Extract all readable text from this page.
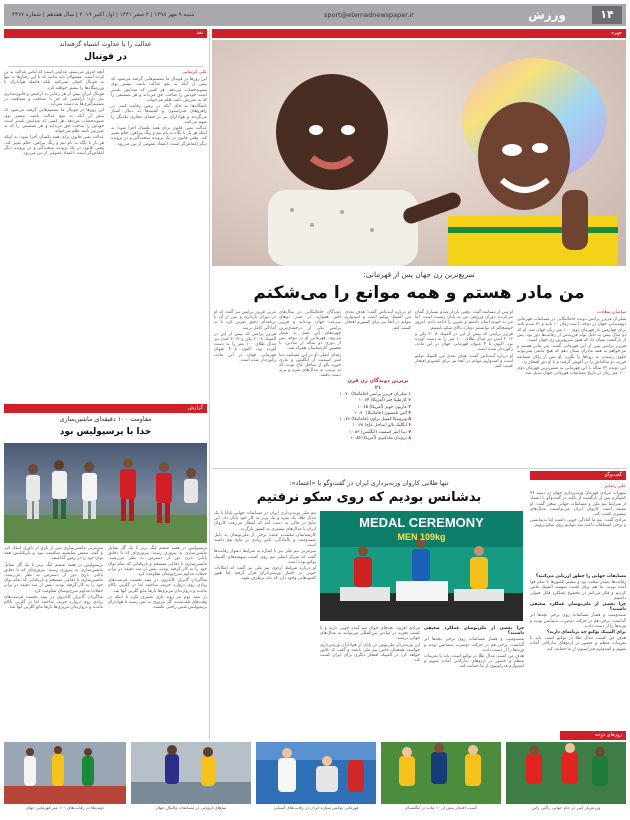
۱۴
ورزش
sport@etemadnewspaper.ir
شنبه ۹ مهر ۱۳۹۸ | ۲ صفر ۱۴۴۱ | اول اکتبر ۲۰۱۹ | سال هفدهم | شماره ۴۴۷۷
نقد
عدالت را با عداوت اشتباه گرفته‌اند
در فوتبال
علی کریمایی

این روزها در فوتبال ما تصمیم‌هایی گرفته می‌شود که پیش از آنکه به نفع عدالت باشد، بیشتر بوی تسویه‌حساب می‌دهد. هر کسی که صدایش بلندتر است خودش را صاحب حق می‌داند و هر تصمیمی را که به ضررش باشد ظلم می‌خواند.

باشگاه‌ها به جای آنکه در زمین رقابت کنند، در راهروهای فدراسیون و کمیته‌ها به دنبال امتیاز می‌گردند و هواداران نیز در فضای مجازی یکدیگر را متهم می‌کنند.

عدالت یعنی قانون برای همه یکسان اجرا شود؛ نه اینکه هر بار با نگاه به نام تیم و رنگ پیراهن، حکم تغییر کند. وقتی قانون در یک پرونده سخت‌گیر و در پرونده دیگر اغماض‌گر است، اعتماد عمومی از بین می‌رود.

آنچه امروز می‌بینیم، عداوتی است که لباس عدالت به تن کرده است. مسئولان باید بدانند که با این رفتارها نه تنها به فوتبال کمکی نمی‌کنند بلکه فاصله هواداران با ورزشگاه‌ها را بیشتر خواهند کرد.

فوتبال ایران بیش از هر زمانی به آرامش و قانون‌مداری نیاز دارد؛ آرامشی که جز با صداقت و شفافیت در تصمیم‌گیری‌ها به دست نمی‌آید.

این روزها در فوتبال ما تصمیم‌هایی گرفته می‌شود که پیش از آنکه به نفع عدالت باشد، بیشتر بوی تسویه‌حساب می‌دهد. هر کسی که صدایش بلندتر است خودش را صاحب حق می‌داند و هر تصمیمی را که به ضررش باشد ظلم می‌خواند.

عدالت یعنی قانون برای همه یکسان اجرا شود؛ نه اینکه هر بار با نگاه به نام تیم و رنگ پیراهن، حکم تغییر کند. وقتی قانون در یک پرونده سخت‌گیر و در پرونده دیگر اغماض‌گر است، اعتماد عمومی از بین می‌رود.

گزارش
مقاومت ۱۰۰ دقیقه‌ای ماشین‌سازی
خدا با پرسپولیس بود

پرسپولیس در هفته ششم لیگ برتر با یک گل مقابل ماشین‌سازی به پیروزی رسید؛ پیروزی‌ای که تا دقایق پایانی بازی دور از دسترس به نظر می‌رسید. ماشین‌سازی با دفاعی منسجم و بازیکنانی که تمام توان خود را به کار گرفته بودند، بیش از صد دقیقه در برابر حملات مداوم سرخ‌پوشان مقاومت کرد.

شاگردان گابریل کالدرون در نیمه نخست فرصت‌های زیادی روی دروازه حریف ساختند اما در گلزنی ناکام ماندند و دروازه‌بان تبریزی‌ها بارها مانع گلزنی آنها شد.

در نیمه دوم نیز روند بازی تغییری نکرد تا اینکه در وقت‌های تلف‌شده، گل پیروزی به ثمر رسید تا هواداران پرسپولیس نفس راحتی بکشند.

سرمربی ماشین‌سازی پس از بازی از داوری انتقاد کرد و گفت تیمش شایسته شکست نبود و بازیکنانش همه توان خود را در زمین گذاشتند.

پرسپولیس در هفته ششم لیگ برتر با یک گل مقابل ماشین‌سازی به پیروزی رسید؛ پیروزی‌ای که تا دقایق پایانی بازی دور از دسترس به نظر می‌رسید. ماشین‌سازی با دفاعی منسجم و بازیکنانی که تمام توان خود را به کار گرفته بودند، بیش از صد دقیقه در برابر حملات مداوم سرخ‌پوشان مقاومت کرد.

شاگردان گابریل کالدرون در نیمه نخست فرصت‌های زیادی روی دروازه حریف ساختند اما در گلزنی ناکام ماندند و دروازه‌بان تبریزی‌ها بارها مانع گلزنی آنها شد.

چهره
سریع‌ترین زن جهان پس از قهرمانی:
من مادر هستم و همه موانع را می‌شکنم
سامیان سعادت

شلی‌ان فریزر پرایس دونده جامائیکایی در مسابقات قهرمانی دوومیدانی جهان در دوحه با ثبت زمان ۱۰ ثانیه و ۷۱ صدم ثانیه برای چهارمین بار قهرمان دوی ۱۰۰ متر زنان جهان شد. او که دو سال پیش به دلیل تولد فرزندش از رقابت‌ها دور بود، پس از بازگشت نشان داد که هنوز سریع‌ترین زن جهان است.

فریزر پرایس پس از این قهرمانی گفت: من مادر هستم و می‌خواهم به همه مادران نشان دهم که هیچ مانعی نمی‌تواند جلوی رسیدن به رویاها را بگیرد. او پس از پایان مسابقه فرزند دو ساله‌اش را در آغوش گرفت و با او دور افتخار زد.

این دونده ۳۲ ساله با این قهرمانی به مسن‌ترین قهرمان دوی ۱۰۰ متر زنان در تاریخ مسابقات قهرمانی جهان تبدیل شد.

او پس از مسابقه گفت: وقتی باردار شدم بسیاری گمان می‌کردند دوران ورزشی من به پایان رسیده است. اما من به خودم ایمان داشتم و تمرین را ادامه دادم. امروز خوشحالم که توانستم دوباره بالای سکو بایستم.

فریزر پرایس که پیش از این در المپیک ۲۰۰۸ پکن و ۲۰۱۲ لندن نیز مدال طلای ۱۰۰ متر را به دست آورده بود، اکنون با ۴ عنوان قهرمانی جهان در این ماده، رکورددار شده است.

او درباره آینده‌اش گفت: هدف بعدی من المپیک توکیو است و امیدوارم بتوانم در آنجا نیز برای کشورم افتخار کسب کنم.

برترین دوندگان زن قرن ۲۱
۱ شلی‌ان فریزر پرایس (جامائیکا) ۱۰.۷۰
۲ کارملیتا جتر (آمریکا) ۱۰.۶۴
۳ ماریون جونز (آمریکا) ۱۰.۶۵
۴ الین تامسون (جامائیکا) ۱۰.۷۰
۵ ویرونیکا کمپبل براون (جامائیکا) ۱۰.۷۶
۶ انگلیک تالو (ساحل عاج) ۱۰.۷۸
۷ دینا اشر اسمیت (انگلیس) ۱۰.۸۳
۸ تری‌یان مک‌کنزی (آمریکا) ۱۰.۸۵

دوندگان جامائیکایی در سال‌های اخیر همواره در صدر دوهای سرعت جهان بوده‌اند و فریزر پرایس یکی از درخشان‌ترین چهره‌های این نسل به شمار می‌رود. قهرمانی او در دوحه پس از دوری دو ساله از میادین، با تحسین کارشناسان همراه شد.

رقبای اصلی او در این مسابقه دینا اشر اسمیت از انگلیس و ماری جوزه تالو از ساحل عاج بودند که به ترتیب به مدال‌های نقره و برنز دست یافتند.

مربی فریزر پرایس نیز گفت که او در دوران بارداری و پس از آن با برنامه‌ای دقیق تمرین کرد تا به آمادگی کامل برسد.

فریزر پرایس که پیش از این در المپیک ۲۰۰۸ پکن و ۲۰۱۲ لندن نیز مدال طلای ۱۰۰ متر را به دست آورده بود، اکنون با ۴ عنوان قهرمانی جهان در این ماده، رکورددار شده است.

او درباره آینده‌اش گفت: هدف بعدی من المپیک توکیو است و امیدوارم بتوانم در آنجا نیز برای کشورم افتخار کسب کنم.

گفت‌وگو
تنها طلایی کاروان وزنه‌برداری ایران در گفت‌وگو با «اعتماد»:
بدشانس بودیم که روی سکو نرفتیم
علی رضایی

سهراب مرادی قهرمان وزنه‌برداری جهان در دسته ۹۶ کیلوگرم پس از بازگشت از تایلند در گفت‌وگو با اعتماد از شرایط تیم ملی و مسابقات جهانی سخن گفت. او معتقد است کاروان ایران می‌توانست مدال‌های بیشتری کسب کند.

مرادی گفت: تیم ما آمادگی خوبی داشت اما بدشانسی و برخی اشتباهات باعث شد نتوانیم روی سکو برویم.

MEDAL CEREMONY
MEN 109kg

مسابقات جهانی را چطور ارزیابی می‌کنید؟

رقابت‌ها بسیار سخت بود و بیشتر کشورها با تمام قوا آمده بودند. ما هم برای کسب سهمیه المپیک تلاش کردیم و فکر می‌کنم در مجموع عملکرد قابل قبولی داشتیم.

چرا بعضی از ملی‌پوشان عملکرد ضعیفی داشتند؟

مصدومیت و فشار مسابقات روی برخی بچه‌ها اثر گذاشت. برخی هم در حرکت دوضرب بدشانس بودند و وزنه‌ها را از دست دادند.

برای المپیک توکیو چه برنامه‌ای دارید؟

هدف من کسب مدال طلا در توکیو است. باید با تمرینات منظم و حضور در اردوهای تدارکاتی آماده شویم و امیدوارم فدراسیون از ما حمایت کند.

تیم ملی وزنه‌برداری ایران در مسابقات جهانی پاتایا با یک مدال طلا، یک نقره و یک برنز به کار خود پایان داد. این نتایج در حالی به دست آمد که انتظار می‌رفت کاروان ایران با مدال‌های بیشتری به کشور بازگردد.

کارشناسان معتقدند غیبت برخی از ملی‌پوشان به دلیل مصدومیت و ناآمادگی، تاثیر زیادی بر نتایج تیم داشته است.

سرمربی تیم ملی نیز با اشاره به شرایط دشوار رقابت‌ها گفت که تمرکز اصلی تیم روی کسب سهمیه‌های المپیک توکیو بوده است.

او درباره شرایط اردوی تیم ملی نیز گفت که امکانات خوبی در اختیار وزنه‌برداران قرار گرفته اما هنوز کمبودهایی وجود دارد که باید برطرف شود.

مرادی افزود: بچه‌های جوان تیم آینده خوبی دارند و با کسب تجربه در میادین بین‌المللی می‌توانند به مدال‌های جهانی برسند.

این وزنه‌بردار ملی‌پوش در پایان از هواداران وزنه‌برداری خواست همچنان حامی تیم ملی باشند و گفت که تلاش خواهد کرد در المپیک افتخار دیگری برای ایران کسب کند.

چرا بعضی از ملی‌پوشان عملکرد ضعیفی داشتند؟

مصدومیت و فشار مسابقات روی برخی بچه‌ها اثر گذاشت. برخی هم در حرکت دوضرب بدشانس بودند و وزنه‌ها را از دست دادند.

هدف من کسب مدال طلا در توکیو است. باید با تمرینات منظم و حضور در اردوهای تدارکاتی آماده شویم و امیدوارم فدراسیون از ما حمایت کند.

روزهای دوحه
ورزش‌یار آیین در جام جهانی راگبی ژاپن
کسب افتخار بیش از ۱۰ ماده در انگلستان
قهرمانی بوکس ستاره ایران در رقابت‌های آسیایی
تیم‌های اروپایی در مسابقات والیبال جهان
دونده‌ها در رقابت‌های ۱۰۰ متر قهرمانی جهان
